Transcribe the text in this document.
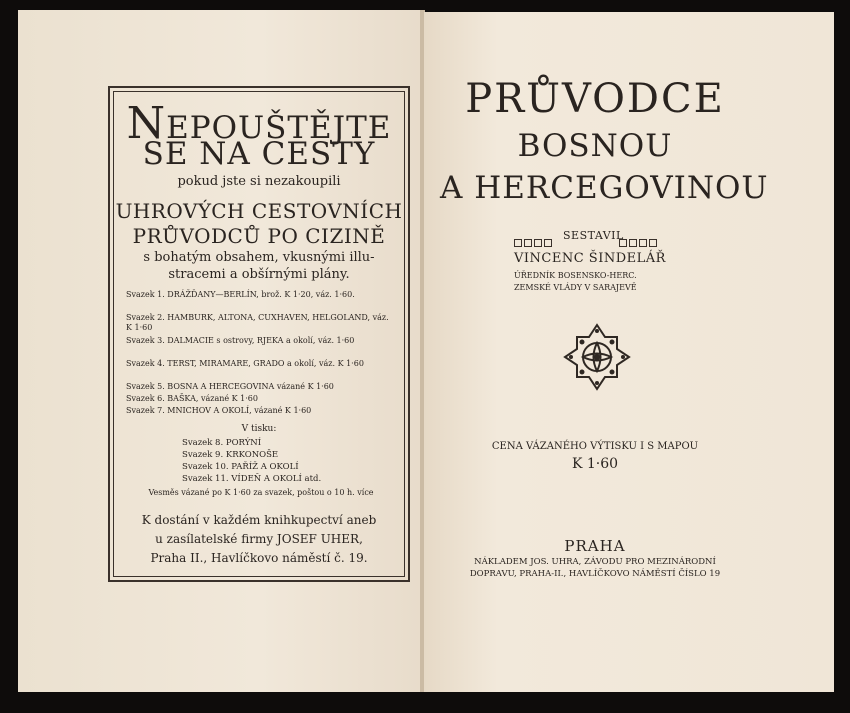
NEPOUŠTĚJTE
SE NA CESTY
pokud jste si nezakoupili
UHROVÝCH CESTOVNÍCH
PRŮVODCŮ PO CIZINĚ
s bohatým obsahem, vkusnými illu-
stracemi a obšírnými plány.
Svazek 1. DRÁŽĎANY—BERLÍN, brož. K 1·20, váz. 1·60.
Svazek 2. HAMBURK, ALTONA, CUXHAVEN, HELGOLAND, váz. K 1·60
Svazek 3. DALMACIE s ostrovy, RJEKA a okolí, váz. 1·60
Svazek 4. TERST, MIRAMARE, GRADO a okolí, váz. K 1·60
Svazek 5. BOSNA A HERCEGOVINA vázané K 1·60
Svazek 6. BAŠKA, vázané K 1·60
Svazek 7. MNICHOV A OKOLÍ, vázané K 1·60
V tisku:
Svazek 8. PORÝNÍ
Svazek 9. KRKONOŠE
Svazek 10. PAŘÍŽ A OKOLÍ
Svazek 11. VÍDEŇ A OKOLÍ atd.
Vesměs vázané po K 1·60 za svazek, poštou o 10 h. více
K dostání v každém knihkupectví aneb
u zasílatelské firmy JOSEF UHER,
Praha II., Havlíčkovo náměstí č. 19.
PRŮVODCE
BOSNOU
A HERCEGOVINOU
SESTAVIL
VINCENC ŠINDELÁŘ
ÚŘEDNÍK BOSENSKO-HERC.
ZEMSKÉ VLÁDY V SARAJEVĚ
CENA VÁZANÉHO VÝTISKU I S MAPOU
K 1·60
PRAHA
NÁKLADEM JOS. UHRA, ZÁVODU PRO MEZINÁRODNÍ
DOPRAVU, PRAHA-II., HAVLÍČKOVO NÁMĚSTÍ ČÍSLO 19
